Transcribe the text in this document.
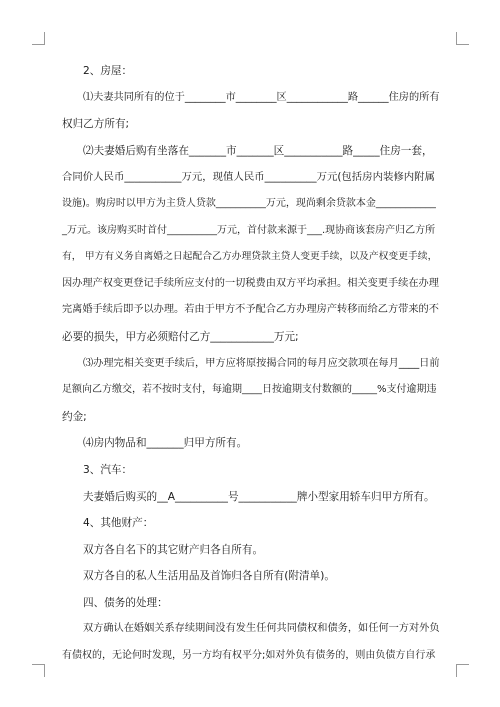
2、房屋：

⑴夫妻共同所有的位于________市________区____________路______住房的所有

权归乙方所有;

⑵夫妻婚后购有坐落在_______市_______区___________路_____住房一套，

合同价人民币___________万元，现值人民币__________万元(包括房内装修内附属

设施)。购房时以甲方为主贷人贷款__________万元，现尚剩余贷款本金____________

_万元。该房购买时首付__________万元，首付款来源于___.现协商该套房产归乙方所

有， 甲方有义务自离婚之日起配合乙方办理贷款主贷人变更手续，以及产权变更手续，

因办理产权变更登记手续所应支付的一切税费由双方平均承担。相关变更手续在办理

完离婚手续后即予以办理。若由于甲方不予配合乙方办理房产转移而给乙方带来的不

必要的损失，甲方必须赔付乙方____________万元;

⑶办理完相关变更手续后，甲方应将原按揭合同的每月应交款项在每月____日前

足额向乙方缴交，若不按时支付，每逾期____日按逾期支付数额的_____%支付逾期违

约金;

⑷房内物品和_______归甲方所有。

3、汽车：

夫妻婚后购买的__A__________号___________牌小型家用轿车归甲方所有。

4、其他财产：

双方各自名下的其它财产归各自所有。

双方各自的私人生活用品及首饰归各自所有(附清单)。

四、债务的处理：

双方确认在婚姻关系存续期间没有发生任何共同债权和债务，如任何一方对外负

有债权的，无论何时发现，另一方均有权平分;如对外负有债务的，则由负债方自行承
